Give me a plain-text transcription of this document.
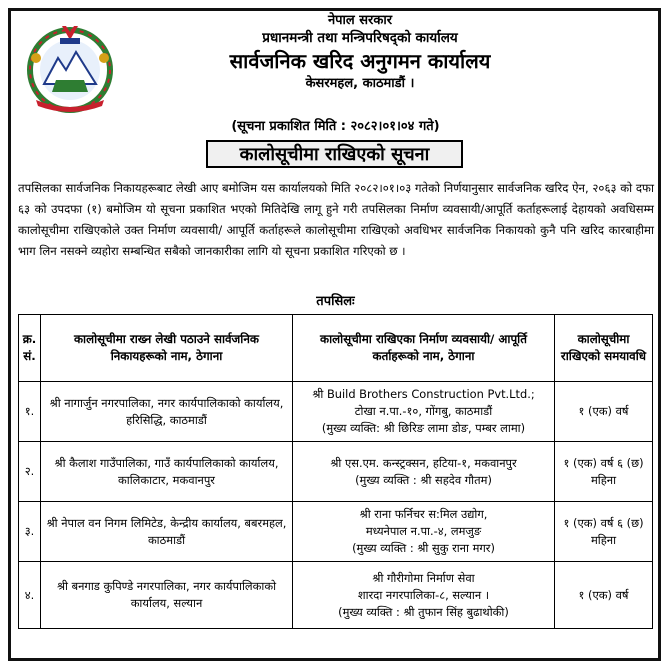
नेपाल सरकार
प्रधानमन्त्री तथा मन्त्रिपरिषद्को कार्यालय
सार्वजनिक खरिद अनुगमन कार्यालय
केसरमहल, काठमाडौं ।
(सूचना प्रकाशित मिति : २०८२।०१।०४ गते)
कालोसूचीमा राखिएको सूचना
तपसिलका सार्वजनिक निकायहरूबाट लेखी आए बमोजिम यस कार्यालयको मिति २०८२।०१।०३ गतेको निर्णयानुसार सार्वजनिक खरिद ऐन, २०६३ को दफा ६३ को उपदफा (१) बमोजिम यो सूचना प्रकाशित भएको मितिदेखि लागू हुने गरी तपसिलका निर्माण व्यवसायी/आपूर्ति कर्ताहरूलाई देहायको अवधिसम्म कालोसूचीमा राखिएकोले उक्त निर्माण व्यवसायी/ आपूर्ति कर्ताहरूले कालोसूचीमा राखिएको अवधिभर सार्वजनिक निकायको कुनै पनि खरिद कारबाहीमा भाग लिन नसक्ने व्यहोरा सम्बन्धित सबैको जानकारीका लागि यो सूचना प्रकाशित गरिएको छ ।
तपसिलः
क्र. सं.	कालोसूचीमा राख्न लेखी पठाउने सार्वजनिक निकायहरूको नाम, ठेगाना	कालोसूचीमा राखिएका निर्माण व्यवसायी/ आपूर्ति कर्ताहरूको नाम, ठेगाना	कालोसूचीमा राखिएको समयावधि
१.	श्री नागार्जुन नगरपालिका, नगर कार्यपालिकाको कार्यालय, हरिसिद्धि, काठमाडौं	श्री Build Brothers Construction Pvt.Ltd.;
टोखा न.पा.-१०, गोंगबु, काठमाडौं
(मुख्य व्यक्ति: श्री छिरिङ लामा डोङ, पम्बर लामा)	१ (एक) वर्ष
२.	श्री कैलाश गाउँपालिका, गाउँ कार्यपालिकाको कार्यालय, कालिकाटार, मकवानपुर	श्री एस.एम. कन्स्ट्रक्सन, हटिया-१, मकवानपुर
(मुख्य व्यक्ति : श्री सहदेव गौतम)	१ (एक) वर्ष ६ (छ) महिना
३.	श्री नेपाल वन निगम लिमिटेड, केन्द्रीय कार्यालय, बबरमहल, काठमाडौं	श्री राना फर्निचर स:मिल उद्योग,
मध्यनेपाल न.पा.-४, लमजुङ
(मुख्य व्यक्ति : श्री सुकु राना मगर)	१ (एक) वर्ष ६ (छ) महिना
४.	श्री बनगाड कुपिण्डे नगरपालिका, नगर कार्यपालिकाको कार्यालय, सल्यान	श्री गौरीगोमा निर्माण सेवा
शारदा नगरपालिका-८, सल्यान ।
(मुख्य व्यक्ति : श्री तुफान सिंह बुढाथोकी)	१ (एक) वर्ष
